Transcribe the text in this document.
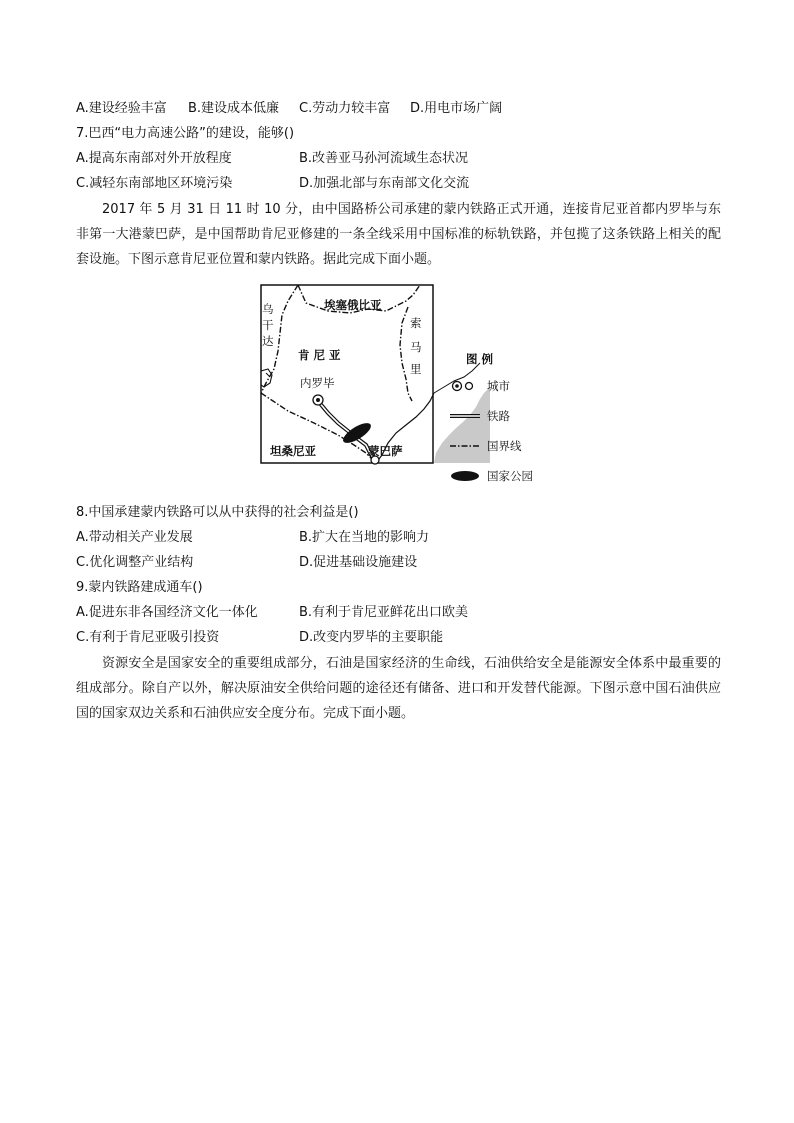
A.建设经验丰富 B.建设成本低廉 C.劳动力较丰富 D.用电市场广阔
7.巴西“电力高速公路”的建设，能够()
A.提高东南部对外开放程度	B.改善亚马孙河流域生态状况
C.减轻东南部地区环境污染	D.加强北部与东南部文化交流
2017 年 5 月 31 日 11 时 10 分，由中国路桥公司承建的蒙内铁路正式开通，连接肯尼亚首都内罗毕与东非第一大港蒙巴萨，是中国帮助肯尼亚修建的一条全线采用中国标准的标轨铁路，并包揽了这条铁路上相关的配套设施。下图示意肯尼亚位置和蒙内铁路。据此完成下面小题。
埃塞俄比亚
乌
干
达
索
马
里
肯 尼 亚
内罗毕
蒙巴萨
坦桑尼亚
图 例
城市
铁路
国界线
国家公园
8.中国承建蒙内铁路可以从中获得的社会利益是()
A.带动相关产业发展	B.扩大在当地的影响力
C.优化调整产业结构	D.促进基础设施建设
9.蒙内铁路建成通车()
A.促进东非各国经济文化一体化	B.有利于肯尼亚鲜花出口欧美
C.有利于肯尼亚吸引投资	D.改变内罗毕的主要职能
资源安全是国家安全的重要组成部分，石油是国家经济的生命线，石油供给安全是能源安全体系中最重要的组成部分。除自产以外，解决原油安全供给问题的途径还有储备、进口和开发替代能源。下图示意中国石油供应国的国家双边关系和石油供应安全度分布。完成下面小题。
